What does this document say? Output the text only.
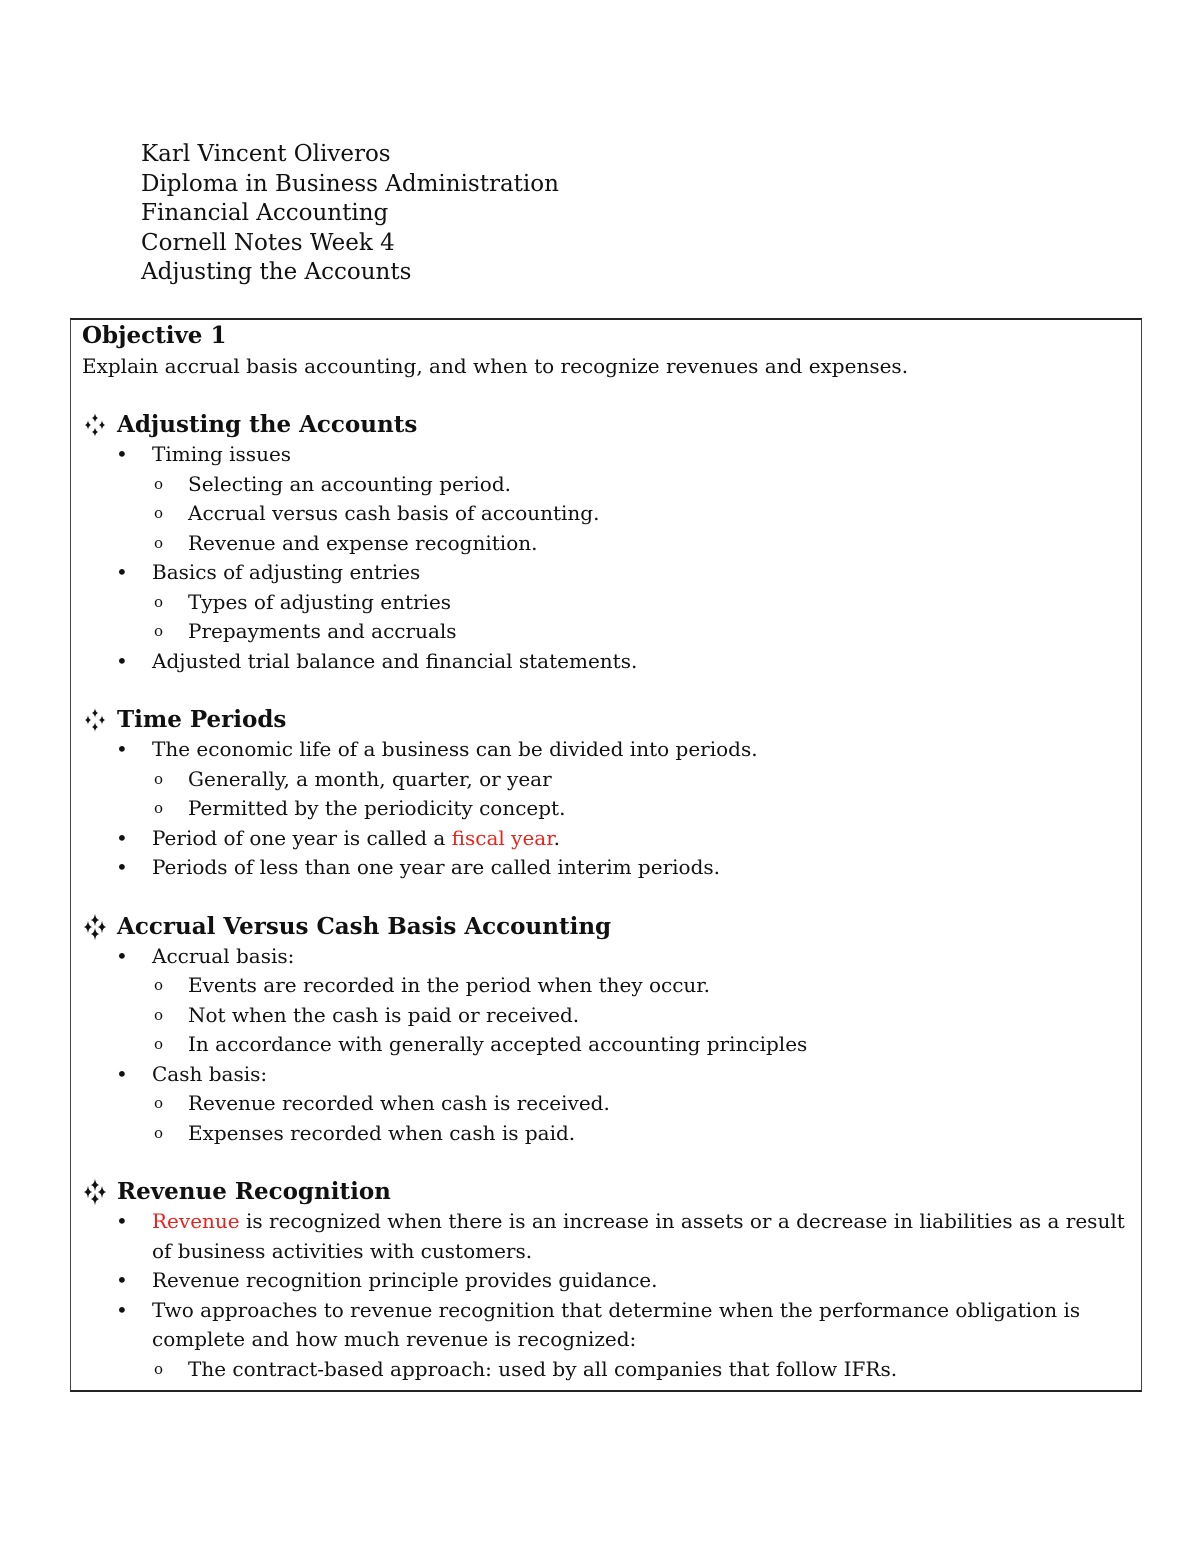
Karl Vincent Oliveros
Diploma in Business Administration
Financial Accounting
Cornell Notes Week 4
Adjusting the Accounts
Objective 1
Explain accrual basis accounting, and when to recognize revenues and expenses.
Adjusting the Accounts
• Timing issues
o Selecting an accounting period.
o Accrual versus cash basis of accounting.
o Revenue and expense recognition.
• Basics of adjusting entries
o Types of adjusting entries
o Prepayments and accruals
• Adjusted trial balance and financial statements.
Time Periods
• The economic life of a business can be divided into periods.
o Generally, a month, quarter, or year
o Permitted by the periodicity concept.
• Period of one year is called a fiscal year.
• Periods of less than one year are called interim periods.
Accrual Versus Cash Basis Accounting
• Accrual basis:
o Events are recorded in the period when they occur.
o Not when the cash is paid or received.
o In accordance with generally accepted accounting principles
• Cash basis:
o Revenue recorded when cash is received.
o Expenses recorded when cash is paid.
Revenue Recognition
• Revenue is recognized when there is an increase in assets or a decrease in liabilities as a result of business activities with customers.
• Revenue recognition principle provides guidance.
• Two approaches to revenue recognition that determine when the performance obligation is complete and how much revenue is recognized:
o The contract-based approach: used by all companies that follow IFRs.
